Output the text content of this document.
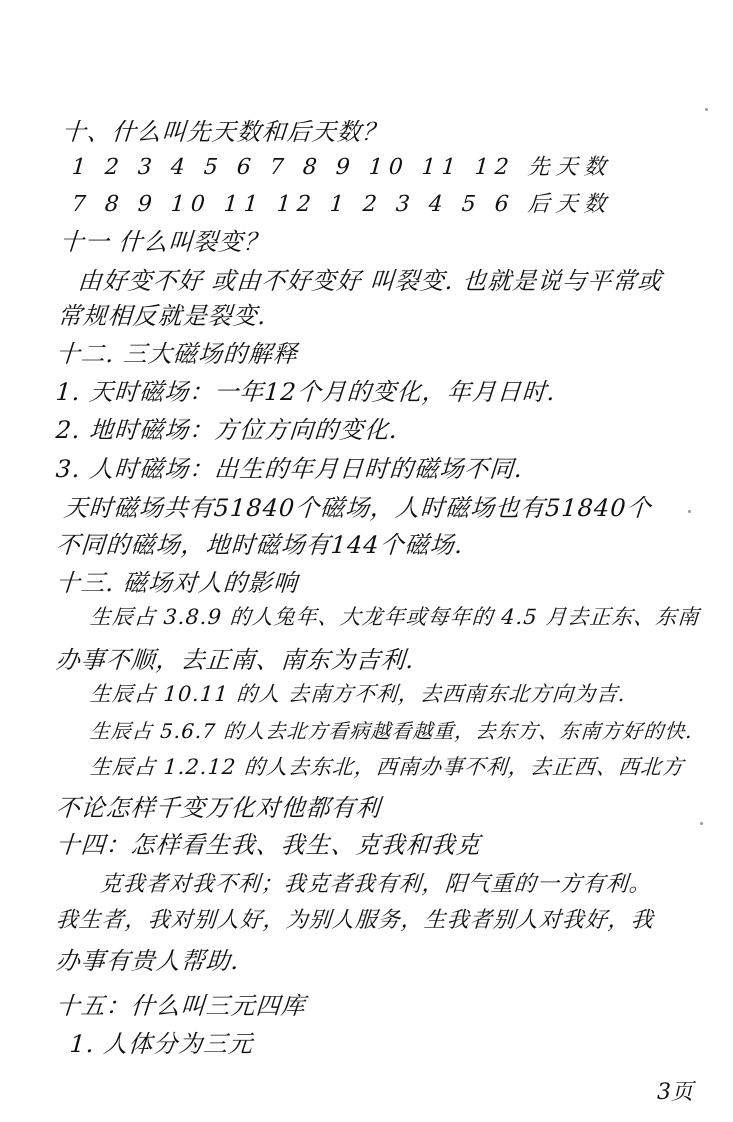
十、什么叫先天数和后天数？
1 2 3 4 5 6 7 8 9 10 11 12 先天数
7 8 9 10 11 12 1 2 3 4 5 6 后天数
十一 什么叫裂变？
由好变不好 或由不好变好 叫裂变. 也就是说与平常或
常规相反就是裂变.
十二. 三大磁场的解释
1. 天时磁场：一年12个月的变化，年月日时.
2. 地时磁场：方位方向的变化.
3. 人时磁场：出生的年月日时的磁场不同.
天时磁场共有51840个磁场，人时磁场也有51840个
不同的磁场，地时磁场有144个磁场.
十三. 磁场对人的影响
生辰占 3.8.9 的人兔年、大龙年或每年的 4.5 月去正东、东南
办事不顺，去正南、南东为吉利.
生辰占 10.11 的人 去南方不利，去西南东北方向为吉.
生辰占 5.6.7 的人去北方看病越看越重，去东方、东南方好的快.
生辰占 1.2.12 的人去东北，西南办事不利，去正西、西北方
不论怎样千变万化对他都有利
十四：怎样看生我、我生、克我和我克
克我者对我不利；我克者我有利，阳气重的一方有利。
我生者，我对别人好，为别人服务，生我者别人对我好，我
办事有贵人帮助.
十五：什么叫三元四库
1. 人体分为三元
3页
